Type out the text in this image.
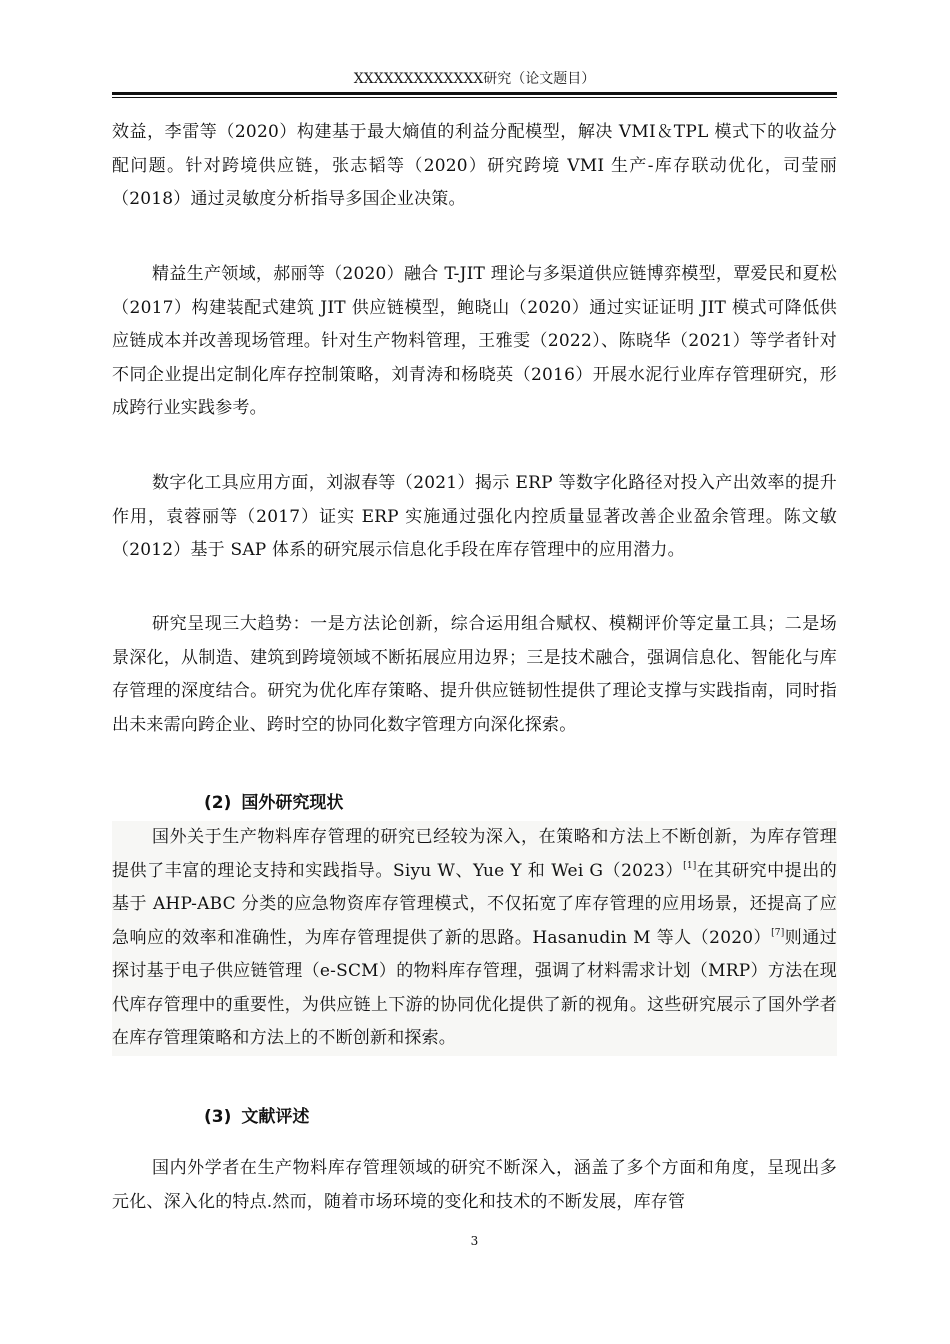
XXXXXXXXXXXXX研究（论文题目）

效益，李雷等（2020）构建基于最大熵值的利益分配模型，解决 VMI＆TPL 模式下的收益分配问题。针对跨境供应链，张志韬等（2020）研究跨境 VMI 生产-库存联动优化，司莹丽（2018）通过灵敏度分析指导多国企业决策。

精益生产领域，郝丽等（2020）融合 T-JIT 理论与多渠道供应链博弈模型，覃爱民和夏松（2017）构建装配式建筑 JIT 供应链模型，鲍晓山（2020）通过实证证明 JIT 模式可降低供应链成本并改善现场管理。针对生产物料管理，王雅雯（2022）、陈晓华（2021）等学者针对不同企业提出定制化库存控制策略，刘青涛和杨晓英（2016）开展水泥行业库存管理研究，形成跨行业实践参考。

数字化工具应用方面，刘淑春等（2021）揭示 ERP 等数字化路径对投入产出效率的提升作用，袁蓉丽等（2017）证实 ERP 实施通过强化内控质量显著改善企业盈余管理。陈文敏（2012）基于 SAP 体系的研究展示信息化手段在库存管理中的应用潜力。

研究呈现三大趋势：一是方法论创新，综合运用组合赋权、模糊评价等定量工具；二是场景深化，从制造、建筑到跨境领域不断拓展应用边界；三是技术融合，强调信息化、智能化与库存管理的深度结合。研究为优化库存策略、提升供应链韧性提供了理论支撑与实践指南，同时指出未来需向跨企业、跨时空的协同化数字管理方向深化探索。

(2) 国外研究现状

国外关于生产物料库存管理的研究已经较为深入，在策略和方法上不断创新，为库存管理提供了丰富的理论支持和实践指导。Siyu W、Yue Y 和 Wei G（2023）[1]在其研究中提出的基于 AHP-ABC 分类的应急物资库存管理模式，不仅拓宽了库存管理的应用场景，还提高了应急响应的效率和准确性，为库存管理提供了新的思路。Hasanudin M 等人（2020）[7]则通过探讨基于电子供应链管理（e-SCM）的物料库存管理，强调了材料需求计划（MRP）方法在现代库存管理中的重要性，为供应链上下游的协同优化提供了新的视角。这些研究展示了国外学者在库存管理策略和方法上的不断创新和探索。

(3) 文献评述

国内外学者在生产物料库存管理领域的研究不断深入，涵盖了多个方面和角度，呈现出多元化、深入化的特点.然而，随着市场环境的变化和技术的不断发展，库存管

3
